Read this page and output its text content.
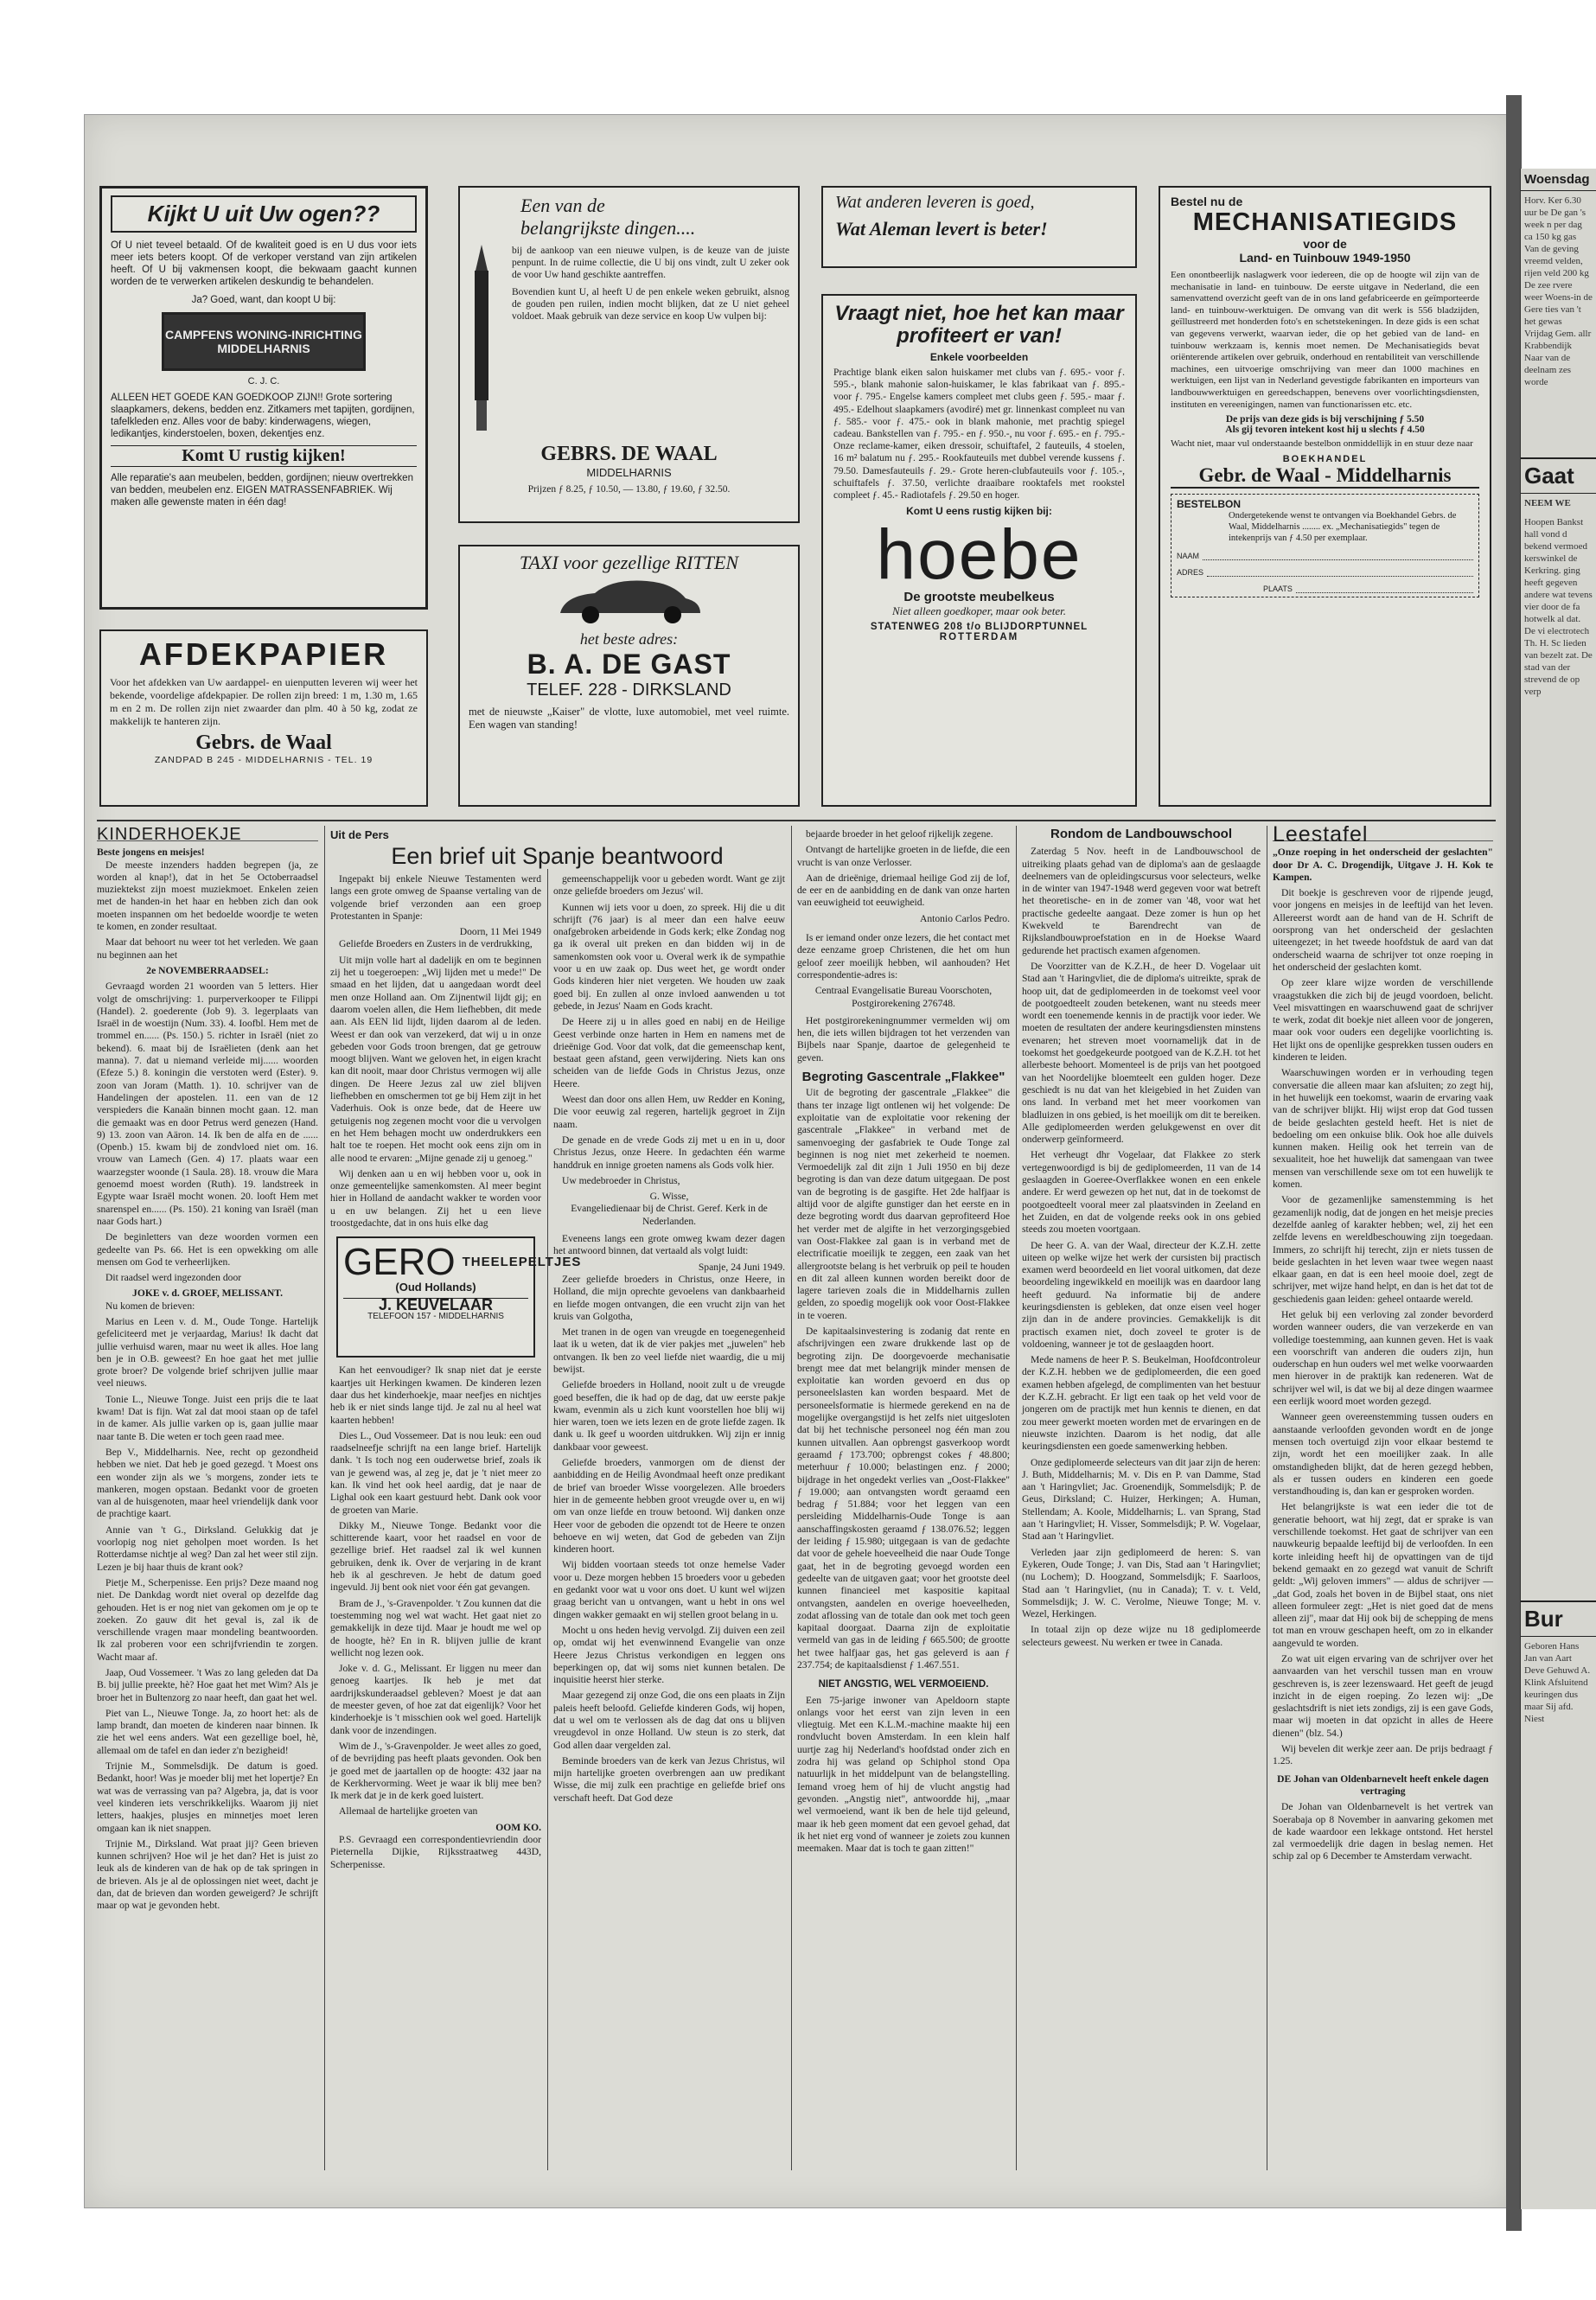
Woensdag
Horv. Ker 6.30 uur be De gan 's week n per dag ca 150 kg gas Van de geving vreemd velden, rijen veld 200 kg De zee rvere weer Woens-in de Gere ties van 't het gewas Vrijdag Gem. allr Krabbendijk Naar van de deelnam zes worde
Gaat
NEEM WE
Hoopen Bankst hall vond d bekend vermoed kerswinkel de Kerkring. ging heeft gegeven andere wat tevens vier door de fa hotwelk al dat. De vi electrotech Th. H. Sc lieden van bezelt zat. De stad van der strevend de op verp
Bur
Geboren Hans Jan van Aart Deve Gehuwd A. Klink Afsluitend keuringen dus maar Sij afd. Niest
Kijkt U uit Uw ogen??
Of U niet teveel betaald. Of de kwaliteit goed is en U dus voor iets meer iets beters koopt. Of de verkoper verstand van zijn artikelen heeft. Of U bij vakmensen koopt, die bekwaam gaacht kunnen worden de te verwerken artikelen deskundig te behandelen.
Ja? Goed, want, dan koopt U bij:
CAMPFENS WONING-INRICHTING MIDDELHARNIS
C. J. C.
ALLEEN HET GOEDE KAN GOEDKOOP ZIJN!! Grote sortering slaapkamers, dekens, bedden enz. Zitkamers met tapijten, gordijnen, tafelkleden enz. Alles voor de baby: kinderwagens, wiegen, ledikantjes, kinderstoelen, boxen, dekentjes enz.
Komt U rustig kijken!
Alle reparatie's aan meubelen, bedden, gordijnen; nieuw overtrekken van bedden, meubelen enz. EIGEN MATRASSENFABRIEK. Wij maken alle gewenste maten in één dag!
AFDEKPAPIER
Voor het afdekken van Uw aardappel- en uienputten leveren wij weer het bekende, voordelige afdekpapier. De rollen zijn breed: 1 m, 1.30 m, 1.65 m en 2 m. De rollen zijn niet zwaarder dan plm. 40 à 50 kg, zodat ze makkelijk te hanteren zijn.
Gebrs. de Waal
ZANDPAD B 245 - MIDDELHARNIS - TEL. 19
Een van de
belangrijkste dingen....
bij de aankoop van een nieuwe vulpen, is de keuze van de juiste penpunt. In de ruime collectie, die U bij ons vindt, zult U zeker ook de voor Uw hand geschikte aantreffen.
Bovendien kunt U, al heeft U de pen enkele weken gebruikt, alsnog de gouden pen ruilen, indien mocht blijken, dat ze U niet geheel voldoet. Maak gebruik van deze service en koop Uw vulpen bij:
GEBRS. DE WAAL
MIDDELHARNIS
Prijzen ƒ 8.25, ƒ 10.50, — 13.80, ƒ 19.60, ƒ 32.50.
TAXI voor gezellige RITTEN
het beste adres:
B. A. DE GAST
TELEF. 228 - DIRKSLAND
met de nieuwste „Kaiser" de vlotte, luxe automobiel, met veel ruimte. Een wagen van standing!
Wat anderen leveren is goed,
Wat Aleman levert is beter!
Vraagt niet, hoe het kan maar profiteert er van!
Enkele voorbeelden
Prachtige blank eiken salon huiskamer met clubs van ƒ. 695.- voor ƒ. 595.-, blank mahonie salon-huiskamer, le klas fabrikaat van ƒ. 895.- voor ƒ. 795.- Engelse kamers compleet met clubs geen ƒ. 595.- maar ƒ. 495.- Edelhout slaapkamers (avodiré) met gr. linnenkast compleet nu van ƒ. 585.- voor ƒ. 475.- ook in blank mahonie, met prachtig spiegel cadeau. Bankstellen van ƒ. 795.- en ƒ. 950.-, nu voor ƒ. 695.- en ƒ. 795.- Onze reclame-kamer, eiken dressoir, schuiftafel, 2 fauteuils, 4 stoelen, 16 m² balatum nu ƒ. 295.- Rookfauteuils met dubbel verende kussens ƒ. 79.50. Damesfauteuils ƒ. 29.- Grote heren-clubfauteuils voor ƒ. 105.-, schuiftafels ƒ. 37.50, verlichte draaibare rooktafels met rookstel compleet ƒ. 45.- Radiotafels ƒ. 29.50 en hoger.
Komt U eens rustig kijken bij:
hoebe
De grootste meubelkeus
Niet alleen goedkoper, maar ook beter.
STATENWEG 208 t/o BLIJDORPTUNNEL
ROTTERDAM
Bestel nu de
MECHANISATIEGIDS
voor de
Land- en Tuinbouw 1949-1950
Een onontbeerlijk naslagwerk voor iedereen, die op de hoogte wil zijn van de mechanisatie in land- en tuinbouw. De eerste uitgave in Nederland, die een samenvattend overzicht geeft van de in ons land gefabriceerde en geïmporteerde land- en tuinbouw-werktuigen. De omvang van dit werk is 556 bladzijden, geïllustreerd met honderden foto's en schetstekeningen. In deze gids is een schat van gegevens verwerkt, waarvan ieder, die op het gebied van de land- en tuinbouw werkzaam is, kennis moet nemen. De Mechanisatiegids bevat oriënterende artikelen over gebruik, onderhoud en rentabiliteit van verschillende machines, een uitvoerige omschrijving van meer dan 1000 machines en werktuigen, een lijst van in Nederland gevestigde fabrikanten en importeurs van landbouwwerktuigen en gereedschappen, benevens over voorlichtingsdiensten, instituten en vereenigingen, namen van functionarissen etc. etc.
De prijs van deze gids is bij verschijning ƒ 5.50
Als gij tevoren intekent kost hij u slechts ƒ 4.50
Wacht niet, maar vul onderstaande bestelbon onmiddellijk in en stuur deze naar
BOEKHANDEL
Gebr. de Waal - Middelharnis
BESTELBON
Ondergetekende wenst te ontvangen via Boekhandel Gebrs. de Waal, Middelharnis ........ ex. „Mechanisatiegids" tegen de intekenprijs van ƒ 4.50 per exemplaar.
NAAM
ADRES
PLAATS
KINDERHOEKJE
Beste jongens en meisjes!

De meeste inzenders hadden begrepen (ja, ze worden al knap!), dat in het 5e Octoberraadsel muziektekst zijn moest muziekmoet. Enkelen zeien met de handen-in het haar en hebben zich dan ook moeten inspannen om het bedoelde woordje te weten te komen, en zonder resultaat.

Maar dat behoort nu weer tot het verleden. We gaan nu beginnen aan het

2e NOVEMBERRAADSEL:

Gevraagd worden 21 woorden van 5 letters. Hier volgt de omschrijving: 1. purperverkooper te Filippi (Handel). 2. goederente (Job 9). 3. legerplaats van Israël in de woestijn (Num. 33). 4. Ioofbl. Hem met de trommel en...... (Ps. 150.) 5. richter in Israël (niet zo bekend). 6. maat bij de Israëlieten (denk aan het manna). 7. dat u niemand verleide mij...... woorden (Efeze 5.) 8. koningin die verstoten werd (Ester). 9. zoon van Joram (Matth. 1). 10. schrijver van de Handelingen der apostelen. 11. een van de 12 verspieders die Kanaän binnen mocht gaan. 12. man die gemaakt was en door Petrus werd genezen (Hand. 9) 13. zoon van Aäron. 14. Ik ben de alfa en de ...... (Openb.) 15. kwam bij de zondvloed niet om. 16. vrouw van Lamech (Gen. 4) 17. plaats waar een waarzegster woonde (1 Saula. 28). 18. vrouw die Mara genoemd moest worden (Ruth). 19. landstreek in Egypte waar Israël mocht wonen. 20. looft Hem met snarenspel en...... (Ps. 150). 21 koning van Israël (man naar Gods hart.)

De beginletters van deze woorden vormen een gedeelte van Ps. 66. Het is een opwekking om alle mensen om God te verheerlijken.

Dit raadsel werd ingezonden door

JOKE v. d. GROEF, MELISSANT.

Nu komen de brieven:

Marius en Leen v. d. M., Oude Tonge. Hartelijk gefeliciteerd met je verjaardag, Marius! Ik dacht dat jullie verhuisd waren, maar nu weet ik alles. Hoe lang ben je in O.B. geweest? En hoe gaat het met jullie grote broer? De volgende brief schrijven jullie maar veel nieuws.

Tonie L., Nieuwe Tonge. Juist een prijs die te laat kwam! Dat is fijn. Wat zal dat mooi staan op de tafel in de kamer. Als jullie varken op is, gaan jullie maar naar tante B. Die weten er toch geen raad mee.

Bep V., Middelharnis. Nee, recht op gezondheid hebben we niet. Dat heb je goed gezegd. 't Moest ons een wonder zijn als we 's morgens, zonder iets te mankeren, mogen opstaan. Bedankt voor de groeten van al de huisgenoten, maar heel vriendelijk dank voor de prachtige kaart.

Annie van 't G., Dirksland. Gelukkig dat je voorlopig nog niet geholpen moet worden. Is het Rotterdamse nichtje al weg? Dan zal het weer stil zijn. Lezen je bij haar thuis de krant ook?

Pietje M., Scherpenisse. Een prijs? Deze maand nog niet. De Dankdag wordt niet overal op dezelfde dag gehouden. Het is er nog niet van gekomen om je op te zoeken. Zo gauw dit het geval is, zal ik de verschillende vragen maar mondeling beantwoorden. Ik zal proberen voor een schrijfvriendin te zorgen. Wacht maar af.

Jaap, Oud Vossemeer. 't Was zo lang geleden dat Da B. bij jullie preekte, hè? Hoe gaat het met Wim? Als je broer het in Bultenzorg zo naar heeft, dan gaat het wel.

Piet van L., Nieuwe Tonge. Ja, zo hoort het: als de lamp brandt, dan moeten de kinderen naar binnen. Ik zie het wel eens anders. Wat een gezellige boel, hè, allemaal om de tafel en dan ieder z'n bezigheid!

Trijnie M., Sommelsdijk. De datum is goed. Bedankt, hoor! Was je moeder blij met het lopertje? En wat was de verrassing van pa? Algebra, ja, dat is voor veel kinderen iets verschrikkelijks. Waarom jij niet letters, haakjes, plusjes en minnetjes moet leren omgaan kan ik niet snappen.

Trijnie M., Dirksland. Wat praat jij? Geen brieven kunnen schrijven? Hoe wil je het dan? Het is juist zo leuk als de kinderen van de hak op de tak springen in de brieven. Als je al de oplossingen niet weet, dacht je dan, dat de brieven dan worden geweigerd? Je schrijft maar op wat je gevonden hebt.

Uit de Pers
Een brief uit Spanje beantwoord

Ingepakt bij enkele Nieuwe Testamenten werd langs een grote omweg de Spaanse vertaling van de volgende brief verzonden aan een groep Protestanten in Spanje:

Doorn, 11 Mei 1949

Geliefde Broeders en Zusters in de verdrukking,

Uit mijn volle hart al dadelijk en om te beginnen zij het u toegeroepen: „Wij lijden met u mede!" De smaad en het lijden, dat u aangedaan wordt deel men onze Holland aan. Om Zijnentwil lijdt gij; en daarom voelen allen, die Hem liefhebben, dit mede aan. Als EEN lid lijdt, lijden daarom al de leden. Weest er dan ook van verzekerd, dat wij u in onze gebeden voor Gods troon brengen, dat ge getrouw moogt blijven. Want we geloven het, in eigen kracht kan dit nooit, maar door Christus vermogen wij alle dingen. De Heere Jezus zal uw ziel blijven liefhebben en omschermen tot ge bij Hem zijt in het Vaderhuis. Ook is onze bede, dat de Heere uw getuigenis nog zegenen mocht voor die u vervolgen en het Hem behagen mocht uw onderdrukkers een halt toe te roepen. Het mocht ook eens zijn om in alle nood te ervaren: „Mijne genade zij u genoeg."

Wij denken aan u en wij hebben voor u, ook in onze gemeentelijke samenkomsten. Al meer begint hier in Holland de aandacht wakker te worden voor u en uw belangen. Zij het u een lieve troostgedachte, dat in ons huis elke dag

GERO THEELEPELTJES
(Oud Hollands)
J. KEUVELAAR
TELEFOON 157 - MIDDELHARNIS

Kan het eenvoudiger? Ik snap niet dat je eerste kaartjes uit Herkingen kwamen. De kinderen lezen daar dus het kinderhoekje, maar neefjes en nichtjes heb ik er niet sinds lange tijd. Je zal nu al heel wat kaarten hebben!

Dies L., Oud Vossemeer. Dat is nou leuk: een oud raadselneefje schrijft na een lange brief. Hartelijk dank. 't Is toch nog een ouderwetse brief, zoals ik van je gewend was, al zeg je, dat je 't niet meer zo kan. Ik vind het ook heel aardig, dat je naar de Lighal ook een kaart gestuurd hebt. Dank ook voor de groeten van Marie.

Dikky M., Nieuwe Tonge. Bedankt voor die schitterende kaart, voor het raadsel en voor de gezellige brief. Het raadsel zal ik wel kunnen gebruiken, denk ik. Over de verjaring in de krant heb ik al geschreven. Je hebt de datum goed ingevuld. Jij bent ook niet voor één gat gevangen.

Bram de J., 's-Gravenpolder. 't Zou kunnen dat die toestemming nog wel wat wacht. Het gaat niet zo gemakkelijk in deze tijd. Maar je houdt me wel op de hoogte, hè? En in R. blijven jullie de krant wellicht nog lezen ook.

Joke v. d. G., Melissant. Er liggen nu meer dan genoeg kaartjes. Ik heb je met dat aardrijkskunderaadsel gebleven? Moest je dat aan de meester geven, of hoe zat dat eigenlijk? Voor het kinderhoekje is 't misschien ook wel goed. Hartelijk dank voor de inzendingen.

Wim de J., 's-Gravenpolder. Je weet alles zo goed, of de bevrijding pas heeft plaats gevonden. Ook ben je goed met de jaartallen op de hoogte: 432 jaar na de Kerkhervorming. Weet je waar ik blij mee ben? Ik merk dat je in de kerk goed luistert.

Allemaal de hartelijke groeten van

OOM KO.

P.S. Gevraagd een correspondentievriendin door Pieternella Dijkie, Rijksstraatweg 443D, Scherpenisse.

gemeenschappelijk voor u gebeden wordt. Want ge zijt onze geliefde broeders om Jezus' wil.

Kunnen wij iets voor u doen, zo spreek. Hij die u dit schrijft (76 jaar) is al meer dan een halve eeuw onafgebroken arbeidende in Gods kerk; elke Zondag nog ga ik overal uit preken en dan bidden wij in de samenkomsten ook voor u. Overal werk ik de sympathie voor u en uw zaak op. Dus weet het, ge wordt onder Gods kinderen hier niet vergeten. We houden uw zaak goed bij. En zullen al onze invloed aanwenden u tot gebede, in Jezus' Naam en Gods kracht.

De Heere zij u in alles goed en nabij en de Heilige Geest verbinde onze harten in Hem en namens met de drieënige God. Voor dat volk, dat die gemeenschap kent, bestaat geen afstand, geen verwijdering. Niets kan ons scheiden van de liefde Gods in Christus Jezus, onze Heere.

Weest dan door ons allen Hem, uw Redder en Koning, Die voor eeuwig zal regeren, hartelijk gegroet in Zijn naam.

De genade en de vrede Gods zij met u en in u, door Christus Jezus, onze Heere. In gedachten één warme handdruk en innige groeten namens als Gods volk hier.

Uw medebroeder in Christus,

G. Wisse,
Evangeliedienaar bij de Christ. Geref. Kerk in de Nederlanden.

Eveneens langs een grote omweg kwam dezer dagen het antwoord binnen, dat vertaald als volgt luidt:

Spanje, 24 Juni 1949.

Zeer geliefde broeders in Christus, onze Heere, in Holland, die mijn oprechte gevoelens van dankbaarheid en liefde mogen ontvangen, die een vrucht zijn van het kruis van Golgotha,

Met tranen in de ogen van vreugde en toegenegenheid laat ik u weten, dat ik de vier pakjes met „juwelen" heb ontvangen. Ik ben zo veel liefde niet waardig, die u mij bewijst.

Geliefde broeders in Holland, nooit zult u de vreugde goed beseffen, die ik had op de dag, dat uw eerste pakje kwam, evenmin als u zich kunt voorstellen hoe blij wij hier waren, toen we iets lezen en de grote liefde zagen. Ik dank u. Ik geef u woorden uitdrukken. Wij zijn er innig dankbaar voor geweest.

Geliefde broeders, vanmorgen om de dienst der aanbidding en de Heilig Avondmaal heeft onze predikant de brief van broeder Wisse voorgelezen. Alle broeders hier in de gemeente hebben groot vreugde over u, en wij om van onze liefde en trouw betoond. Wij danken onze Heer voor de geboden die opzendt tot de Heere te onzen behoeve en wij weten, dat God de gebeden van Zijn kinderen hoort.

Wij bidden voortaan steeds tot onze hemelse Vader voor u. Deze morgen hebben 15 broeders voor u gebeden en gedankt voor wat u voor ons doet. U kunt wel wijzen graag bericht van u ontvangen, want u hebt in ons wel dingen wakker gemaakt en wij stellen groot belang in u.

Mocht u ons heden hevig vervolgd. Zij duiven een zeil op, omdat wij het evenwinnend Evangelie van onze Heere Jezus Christus verkondigen en leggen ons beperkingen op, dat wij soms niet kunnen betalen. De inquisitie heerst hier sterke.

Maar gezegend zij onze God, die ons een plaats in Zijn paleis heeft beloofd. Geliefde kinderen Gods, wij hopen, dat u wel om te verlossen als de dag dat ons u blijven vreugdevol in onze Holland. Uw steun is zo sterk, dat God allen daar vergelden zal.

Beminde broeders van de kerk van Jezus Christus, wil mijn hartelijke groeten overbrengen aan uw predikant Wisse, die mij zulk een prachtige en geliefde brief ons verschaft heeft. Dat God deze

bejaarde broeder in het geloof rijkelijk zegene.

Ontvangt de hartelijke groeten in de liefde, die een vrucht is van onze Verlosser.

Aan de drieënige, driemaal heilige God zij de lof, de eer en de aanbidding en de dank van onze harten van eeuwigheid tot eeuwigheid.

Antonio Carlos Pedro.

Is er iemand onder onze lezers, die het contact met deze eenzame groep Christenen, die het om hun geloof zeer moeilijk hebben, wil aanhouden? Het correspondentie-adres is:

Centraal Evangelisatie Bureau Voorschoten,
Postgirorekening 276748.

Het postgirorekeningnummer vermelden wij om hen, die iets willen bijdragen tot het verzenden van Bijbels naar Spanje, daartoe de gelegenheid te geven.

Begroting Gascentrale „Flakkee"

Uit de begroting der gascentrale „Flakkee" die thans ter inzage ligt ontlenen wij het volgende: De exploitatie van de exploitatie voor rekening der gascentrale „Flakkee" in verband met de samenvoeging der gasfabriek te Oude Tonge zal beginnen is nog niet met zekerheid te noemen. Vermoedelijk zal dit zijn 1 Juli 1950 en bij deze begroting is dan van deze datum uitgegaan. De post van de begroting is de gasgifte. Het 2de halfjaar is altijd voor de algifte gunstiger dan het eerste en in deze begroting wordt dus daarvan geprofiteerd Hoe het verder met de algifte in het verzorgingsgebied van Oost-Flakkee zal gaan is in verband met de electrificatie moeilijk te zeggen, een zaak van het allergrootste belang is het verbruik op peil te houden en dit zal alleen kunnen worden bereikt door de lagere tarieven zoals die in Middelharnis zullen gelden, zo spoedig mogelijk ook voor Oost-Flakkee in te voeren.

De kapitaalsinvestering is zodanig dat rente en afschrijvingen een zware drukkende last op de begroting zijn. De doorgevoerde mechanisatie brengt mee dat met belangrijk minder mensen de exploitatie kan worden gevoerd en dus op personeelslasten kan worden bespaard. Met de personeelsformatie is hiermede gerekend en na de mogelijke overgangstijd is het zelfs niet uitgesloten dat bij het technische personeel nog één man zou kunnen uitvallen. Aan opbrengst gasverkoop wordt geraamd ƒ 173.700; opbrengst cokes ƒ 48.800; meterhuur ƒ 10.000; belastingen enz. ƒ 2000; bijdrage in het ongedekt verlies van „Oost-Flakkee" ƒ 19.000; aan ontvangsten wordt geraamd een bedrag ƒ 51.884; voor het leggen van een persleiding Middelharnis-Oude Tonge is aan aanschaffingskosten geraamd ƒ 138.076.52; leggen der leiding ƒ 15.980; uitgegaan is van de gedachte dat voor de gehele hoeveelheid die naar Oude Tonge gaat, het in de begroting gevoegd worden een gedeelte van de uitgaven gaat; voor het grootste deel kunnen financieel met kaspositie kapitaal ontvangsten, aandelen en overige hoeveelheden, zodat aflossing van de totale dan ook met toch geen kapitaal doorgaat. Daarna zijn de exploitatie vermeld van gas in de leiding ƒ 665.500; de grootte het twee halfjaar gas, het gas geleverd is aan ƒ 237.754; de kapitaalsdienst ƒ 1.467.551.

NIET ANGSTIG, WEL VERMOEIEND.

Een 75-jarige inwoner van Apeldoorn stapte onlangs voor het eerst van zijn leven in een vliegtuig. Met een K.L.M.-machine maakte hij een rondvlucht boven Amsterdam. In een klein half uurtje zag hij Nederland's hoofdstad onder zich en zodra hij was geland op Schiphol stond Opa natuurlijk in het middelpunt van de belangstelling. Iemand vroeg hem of hij de vlucht angstig had gevonden. „Angstig niet", antwoordde hij, „maar wel vermoeiend, want ik ben de hele tijd geleund, maar ik heb geen moment dat een gevoel gehad, dat ik het niet erg vond of wanneer je zoiets zou kunnen meemaken. Maar dat is toch te gaan zitten!"

Rondom de Landbouwschool

Zaterdag 5 Nov. heeft in de Landbouwschool de uitreiking plaats gehad van de diploma's aan de geslaagde deelnemers van de opleidingscursus voor selecteurs, welke in de winter van 1947-1948 werd gegeven voor wat betreft het theoretische- en in de zomer van '48, voor wat het practische gedeelte aangaat. Deze zomer is hun op het Kwekveld te Barendrecht van de Rijkslandbouwproefstation en in de Hoekse Waard gedurende het practisch examen afgenomen.

De Voorzitter van de K.Z.H., de heer D. Vogelaar uit Stad aan 't Haringvliet, die de diploma's uitreikte, sprak de hoop uit, dat de gediplomeerden in de toekomst veel voor de pootgoedteelt zouden betekenen, want nu steeds meer wordt een toenemende kennis in de practijk voor ieder. We moeten de resultaten der andere keuringsdiensten minstens evenaren; het streven moet voornamelijk dat in de toekomst het goedgekeurde pootgoed van de K.Z.H. tot het allerbeste behoort. Momenteel is de prijs van het pootgoed van het Noordelijke bloemteelt een gulden hoger. Deze geschiedt is nu dat van het kleigebied in het Zuiden van ons land. In verband met het meer voorkomen van bladluizen in ons gebied, is het moeilijk om dit te bereiken. Alle gediplomeerden werden gelukgewenst en over dit onderwerp geïnformeerd.

Het verheugt dhr Vogelaar, dat Flakkee zo sterk vertegenwoordigd is bij de gediplomeerden, 11 van de 14 geslaagden in Goeree-Overflakkee wonen en een enkele andere. Er werd gewezen op het nut, dat in de toekomst de pootgoedteelt vooral meer zal plaatsvinden in Zeeland en het Zuiden, en dat de volgende reeks ook in ons gebied steeds zou moeten voortgaan.

De heer G. A. van der Waal, directeur der K.Z.H. zette uiteen op welke wijze het werk der cursisten bij practisch examen werd beoordeeld en liet vooral uitkomen, dat deze beoordeling ingewikkeld en moeilijk was en daardoor lang heeft geduurd. Na informatie bij de andere keuringsdiensten is gebleken, dat onze eisen veel hoger zijn dan in de andere provincies. Gemakkelijk is dit practisch examen niet, doch zoveel te groter is de voldoening, wanneer je tot de geslaagden hoort.

Mede namens de heer P. S. Beukelman, Hoofdcontroleur der K.Z.H. hebben we de gediplomeerden, die een goed examen hebben afgelegd, de complimenten van het bestuur der K.Z.H. gebracht. Er ligt een taak op het veld voor de jongeren om de practijk met hun kennis te dienen, en dat zou meer gewerkt moeten worden met de ervaringen en de nieuwste inzichten. Daarom is het nodig, dat alle keuringsdiensten een goede samenwerking hebben.

Onze gediplomeerde selecteurs van dit jaar zijn de heren: J. Buth, Middelharnis; M. v. Dis en P. van Damme, Stad aan 't Haringvliet; Jac. Groenendijk, Sommelsdijk; P. de Geus, Dirksland; C. Huizer, Herkingen; A. Human, Stellendam; A. Koole, Middelharnis; L. van Sprang, Stad aan 't Haringvliet; H. Visser, Sommelsdijk; P. W. Vogelaar, Stad aan 't Haringvliet.

Verleden jaar zijn gediplomeerd de heren: S. van Eykeren, Oude Tonge; J. van Dis, Stad aan 't Haringvliet; (nu Lochem); D. Hoogzand, Sommelsdijk; F. Saarloos, Stad aan 't Haringvliet, (nu in Canada); T. v. t. Veld, Sommelsdijk; J. W. C. Verolme, Nieuwe Tonge; M. v. Wezel, Herkingen.

In totaal zijn op deze wijze nu 18 gediplomeerde selecteurs geweest. Nu werken er twee in Canada.

Leestafel
„Onze roeping in het onderscheid der geslachten" door Dr A. C. Drogendijk, Uitgave J. H. Kok te Kampen.

Dit boekje is geschreven voor de rijpende jeugd, voor jongens en meisjes in de leeftijd van het leven. Allereerst wordt aan de hand van de H. Schrift de oorsprong van het onderscheid der geslachten uiteengezet; in het tweede hoofdstuk de aard van dat onderscheid waarna de schrijver tot onze roeping in het onderscheid der geslachten komt.

Op zeer klare wijze worden de verschillende vraagstukken die zich bij de jeugd voordoen, belicht. Veel misvattingen en waarschuwend gaat de schrijver te werk, zodat dit boekje niet alleen voor de jongeren, maar ook voor ouders een degelijke voorlichting is. Het lijkt ons de openlijke gesprekken tussen ouders en kinderen te leiden.

Waarschuwingen worden er in verhouding tegen conversatie die alleen maar kan afsluiten; zo zegt hij, in het huwelijk een toekomst, waarin de ervaring vaak van de schrijver blijkt. Hij wijst erop dat God tussen de beide geslachten gesteld heeft. Het is niet de bedoeling om een onkuise blik. Ook hoe alle duivels kunnen maken. Heilig ook het terrein van de sexualiteit, hoe het huwelijk dat samengaan van twee mensen van verschillende sexe om tot een huwelijk te komen.

Voor de gezamenlijke samenstemming is het gezamenlijk nodig, dat de jongen en het meisje precies dezelfde aanleg of karakter hebben; wel, zij het een zelfde levens en wereldbeschouwing zijn toegedaan. Immers, zo schrijft hij terecht, zijn er niets tussen de beide geslachten in het leven waar twee wegen naast elkaar gaan, en dat is een heel mooie doel, zegt de schrijver, met wijze hand helpt, en dan is het dat tot de geschiedenis gaan leiden: geheel ontaarde wereld.

Het geluk bij een verloving zal zonder bevorderd worden wanneer ouders, die van verzekerde en van volledige toestemming, aan kunnen geven. Het is vaak een voorschrift van anderen die ouders zijn, hun ouderschap en hun ouders wel met welke voorwaarden men hierover in de praktijk kan redeneren. Wat de schrijver wel wil, is dat we bij al deze dingen waarmee een eerlijk woord moet worden gezegd.

Wanneer geen overeenstemming tussen ouders en aanstaande verloofden gevonden wordt en de jonge mensen toch overtuigd zijn voor elkaar bestemd te zijn, wordt het een moeilijker zaak. In alle omstandigheden blijkt, dat de heren gezegd hebben, als er tussen ouders en kinderen een goede verstandhouding is, dan kan er gesproken worden.

Het belangrijkste is wat een ieder die tot de generatie behoort, wat hij zegt, dat er sprake is van verschillende toekomst. Het gaat de schrijver van een nauwkeurig bepaalde leeftijd bij de verloofden. In een korte inleiding heeft hij de opvattingen van de tijd bekend gemaakt en zo gezegd wat vanuit de Schrift geldt: „Wij geloven immers" — aldus de schrijver — „dat God, zoals het boven in de Bijbel staat, ons niet alleen formuleer zegt: „Het is niet goed dat de mens alleen zij", maar dat Hij ook bij de schepping de mens tot man en vrouw geschapen heeft, om zo in elkander aangevuld te worden.

Zo wat uit eigen ervaring van de schrijver over het aanvaarden van het verschil tussen man en vrouw geschreven is, is zeer lezenswaard. Het geeft de jeugd inzicht in de eigen roeping. Zo lezen wij: „De geslachtsdrift is niet iets zondigs, zij is een gave Gods, maar wij moeten in dat opzicht in alles de Heere dienen" (blz. 54.)

Wij bevelen dit werkje zeer aan. De prijs bedraagt ƒ 1.25.

DE Johan van Oldenbarnevelt heeft enkele dagen vertraging

De Johan van Oldenbarnevelt is het vertrek van Soerabaja op 8 November in aanvaring gekomen met de kade waardoor een lekkage ontstond. Het herstel zal vermoedelijk drie dagen in beslag nemen. Het schip zal op 6 December te Amsterdam verwacht.
